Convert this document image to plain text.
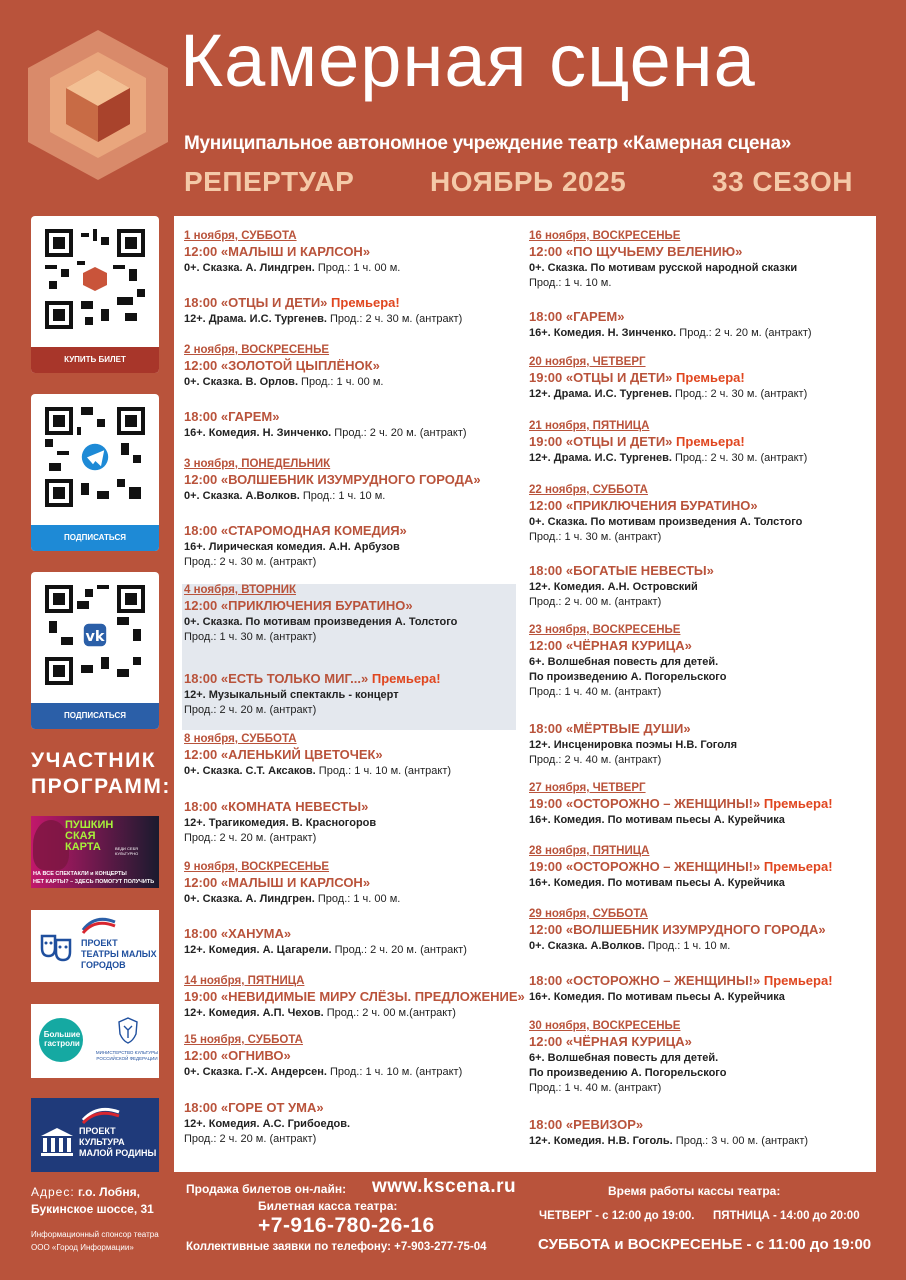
Камерная сцена
Муниципальное автономное учреждение театр «Камерная сцена»
РЕПЕРТУАР	НОЯБРЬ 2025	33 СЕЗОН
КУПИТЬ БИЛЕТ
ПОДПИСАТЬСЯ
vk
ПОДПИСАТЬСЯ
УЧАСТНИК
ПРОГРАММ:
ПУШКИН
СКАЯ
КАРТА	ВЕДИ СЕБЯ КУЛЬТУРНО
НА ВСЕ СПЕКТАКЛИ и КОНЦЕРТЫ
НЕТ КАРТЫ? – ЗДЕСЬ ПОМОГУТ ПОЛУЧИТЬ
ПРОЕКТ
ТЕАТРЫ МАЛЫХ
ГОРОДОВ
Большие
гастроли
МИНИСТЕРСТВО КУЛЬТУРЫ
РОССИЙСКОЙ ФЕДЕРАЦИИ
ПРОЕКТ
КУЛЬТУРА
МАЛОЙ РОДИНЫ
Адрес: г.о. Лобня,
Букинское шоссе, 31
Информационный спонсор театра
ООО «Город Информации»
1 ноября, СУББОТА
12:00 «МАЛЫШ И КАРЛСОН»
0+. Сказка. А. Линдгрен. Прод.: 1 ч. 00 м.
18:00 «ОТЦЫ И ДЕТИ» Премьера!
12+. Драма. И.С. Тургенев. Прод.: 2 ч. 30 м. (антракт)
2 ноября, ВОСКРЕСЕНЬЕ
12:00 «ЗОЛОТОЙ ЦЫПЛЁНОК»
0+. Сказка. В. Орлов. Прод.: 1 ч. 00 м.
18:00 «ГАРЕМ»
16+. Комедия. Н. Зинченко. Прод.: 2 ч. 20 м. (антракт)
3 ноября, ПОНЕДЕЛЬНИК
12:00 «ВОЛШЕБНИК ИЗУМРУДНОГО ГОРОДА»
0+. Сказка. А.Волков. Прод.: 1 ч. 10 м.
18:00 «СТАРОМОДНАЯ КОМЕДИЯ»
16+. Лирическая комедия. А.Н. Арбузов
Прод.: 2 ч. 30 м. (антракт)
4 ноября, ВТОРНИК
12:00 «ПРИКЛЮЧЕНИЯ БУРАТИНО»
0+. Сказка. По мотивам произведения А. Толстого
Прод.: 1 ч. 30 м. (антракт)
18:00 «ЕСТЬ ТОЛЬКО МИГ...» Премьера!
12+. Музыкальный спектакль - концерт
Прод.: 2 ч. 20 м. (антракт)
8 ноября, СУББОТА
12:00 «АЛЕНЬКИЙ ЦВЕТОЧЕК»
0+. Сказка. С.Т. Аксаков. Прод.: 1 ч. 10 м. (антракт)
18:00 «КОМНАТА НЕВЕСТЫ»
12+. Трагикомедия. В. Красногоров
Прод.: 2 ч. 20 м. (антракт)
9 ноября, ВОСКРЕСЕНЬЕ
12:00 «МАЛЫШ И КАРЛСОН»
0+. Сказка. А. Линдгрен. Прод.: 1 ч. 00 м.
18:00 «ХАНУМА»
12+. Комедия. А. Цагарели. Прод.: 2 ч. 20 м. (антракт)
14 ноября, ПЯТНИЦА
19:00 «НЕВИДИМЫЕ МИРУ СЛЁЗЫ. ПРЕДЛОЖЕНИЕ»
12+. Комедия. А.П. Чехов. Прод.: 2 ч. 00 м.(антракт)
15 ноября, СУББОТА
12:00 «ОГНИВО»
0+. Сказка. Г.-Х. Андерсен. Прод.: 1 ч. 10 м. (антракт)
18:00 «ГОРЕ ОТ УМА»
12+. Комедия. А.С. Грибоедов.
Прод.: 2 ч. 20 м. (антракт)
16 ноября, ВОСКРЕСЕНЬЕ
12:00 «ПО ЩУЧЬЕМУ ВЕЛЕНИЮ»
0+. Сказка. По мотивам русской народной сказки
Прод.: 1 ч. 10 м.
18:00 «ГАРЕМ»
16+. Комедия. Н. Зинченко. Прод.: 2 ч. 20 м. (антракт)
20 ноября, ЧЕТВЕРГ
19:00 «ОТЦЫ И ДЕТИ» Премьера!
12+. Драма. И.С. Тургенев. Прод.: 2 ч. 30 м. (антракт)
21 ноября, ПЯТНИЦА
19:00 «ОТЦЫ И ДЕТИ» Премьера!
12+. Драма. И.С. Тургенев. Прод.: 2 ч. 30 м. (антракт)
22 ноября, СУББОТА
12:00 «ПРИКЛЮЧЕНИЯ БУРАТИНО»
0+. Сказка. По мотивам произведения А. Толстого
Прод.: 1 ч. 30 м. (антракт)
18:00 «БОГАТЫЕ НЕВЕСТЫ»
12+. Комедия. А.Н. Островский
Прод.: 2 ч. 00 м. (антракт)
23 ноября, ВОСКРЕСЕНЬЕ
12:00 «ЧЁРНАЯ КУРИЦА»
6+. Волшебная повесть для детей.
По произведению А. Погорельского
Прод.: 1 ч. 40 м. (антракт)
18:00 «МЁРТВЫЕ ДУШИ»
12+. Инсценировка поэмы Н.В. Гоголя
Прод.: 2 ч. 40 м. (антракт)
27 ноября, ЧЕТВЕРГ
19:00 «ОСТОРОЖНО – ЖЕНЩИНЫ!» Премьера!
16+. Комедия. По мотивам пьесы А. Курейчика
28 ноября, ПЯТНИЦА
19:00 «ОСТОРОЖНО – ЖЕНЩИНЫ!» Премьера!
16+. Комедия. По мотивам пьесы А. Курейчика
29 ноября, СУББОТА
12:00 «ВОЛШЕБНИК ИЗУМРУДНОГО ГОРОДА»
0+. Сказка. А.Волков. Прод.: 1 ч. 10 м.
18:00 «ОСТОРОЖНО – ЖЕНЩИНЫ!» Премьера!
16+. Комедия. По мотивам пьесы А. Курейчика
30 ноября, ВОСКРЕСЕНЬЕ
12:00 «ЧЁРНАЯ КУРИЦА»
6+. Волшебная повесть для детей.
По произведению А. Погорельского
Прод.: 1 ч. 40 м. (антракт)
18:00 «РЕВИЗОР»
12+. Комедия. Н.В. Гоголь. Прод.: 3 ч. 00 м. (антракт)
Продажа билетов он-лайн: www.kscena.ru
Билетная касса театра:
+7-916-780-26-16
Коллективные заявки по телефону: +7-903-277-75-04
Время работы кассы театра:
ЧЕТВЕРГ - с 12:00 до 19:00. ПЯТНИЦА - 14:00 до 20:00
СУББОТА и ВОСКРЕСЕНЬЕ - с 11:00 до 19:00
